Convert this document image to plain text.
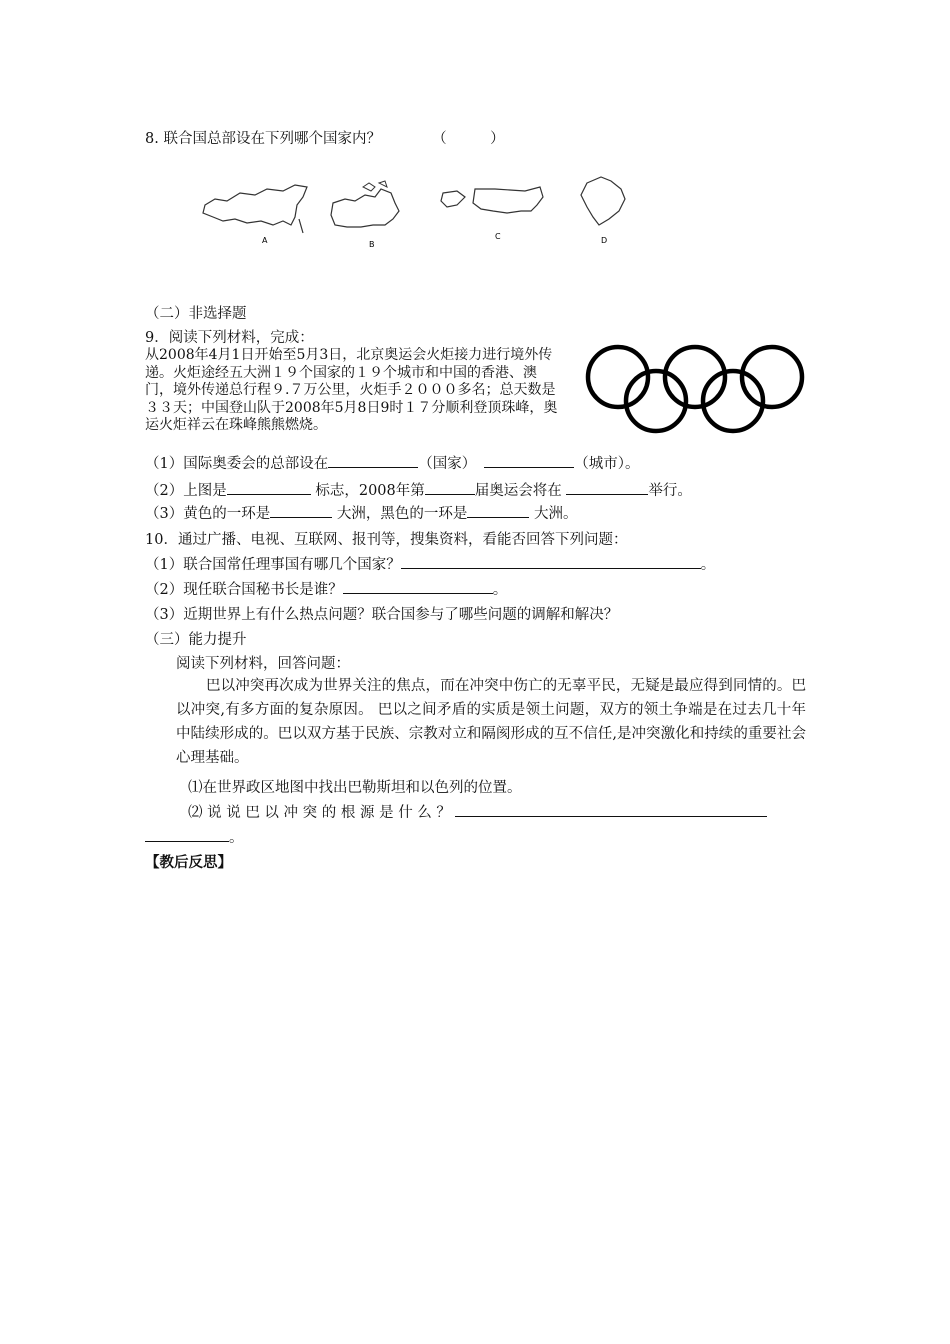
8. 联合国总部设在下列哪个国家内？	（　　　）
A	B
C	D
（二）非选择题
9．阅读下列材料，完成：
从2008年4月1日开始至5月3日，北京奥运会火炬接力进行境外传递。火炬途经五大洲１９个国家的１９个城市和中国的香港、澳门，境外传递总行程９.７万公里，火炬手２０００多名；总天数是３３天；中国登山队于2008年5月8日9时１７分顺利登顶珠峰，奥运火炬祥云在珠峰熊熊燃烧。
（1）国际奥委会的总部设在	（国家）	（城市）。
（2）上图是	标志，2008年第	届奥运会将在	举行。
（3）黄色的一环是	大洲，黑色的一环是	大洲。
10．通过广播、电视、互联网、报刊等，搜集资料，看能否回答下列问题：
（1）联合国常任理事国有哪几个国家？	。
（2）现任联合国秘书长是谁？	。
（3）近期世界上有什么热点问题？联合国参与了哪些问题的调解和解决？
（三）能力提升
阅读下列材料，回答问题：
巴以冲突再次成为世界关注的焦点，而在冲突中伤亡的无辜平民，无疑是最应得到同情的。巴以冲突,有多方面的复杂原因。 巴以之间矛盾的实质是领土问题，双方的领土争端是在过去几十年中陆续形成的。巴以双方基于民族、宗教对立和隔阂形成的互不信任,是冲突激化和持续的重要社会心理基础。
⑴在世界政区地图中找出巴勒斯坦和以色列的位置。
⑵ 说 说 巴 以 冲 突 的 根 源 是 什 么 ？
。
【教后反思】
